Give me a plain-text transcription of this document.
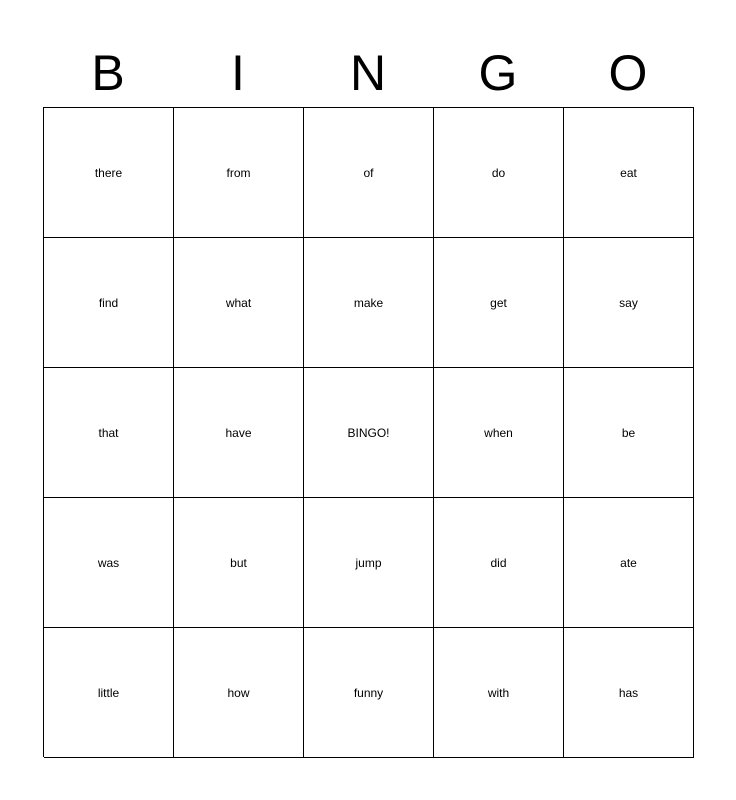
B	I	N	G	O
there	from	of	do	eat
find	what	make	get	say
that	have	BINGO!	when	be
was	but	jump	did	ate
little	how	funny	with	has
